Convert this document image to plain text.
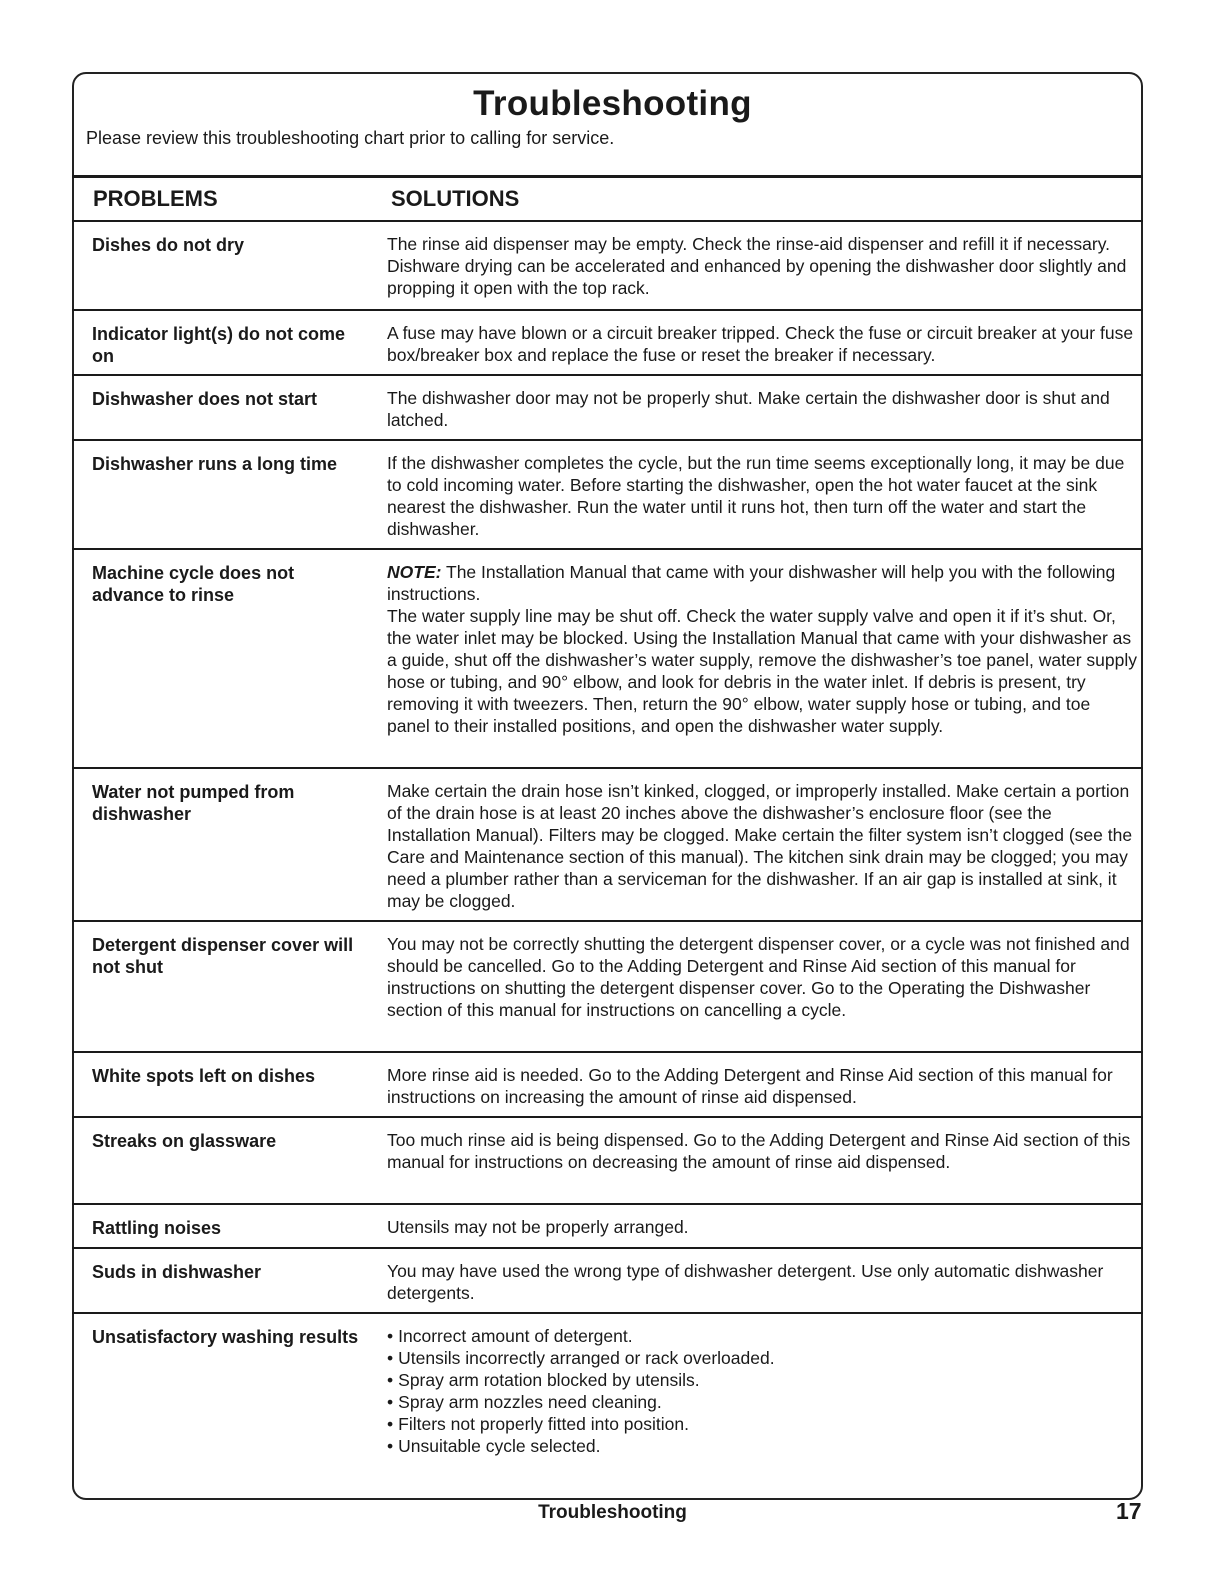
Troubleshooting
Please review this troubleshooting chart prior to calling for service.
PROBLEMS	SOLUTIONS
Dishes do not dry	The rinse aid dispenser may be empty. Check the rinse-aid dispenser and refill it if necessary. Dishware drying can be accelerated and enhanced by opening the dishwasher door slightly and propping it open with the top rack.
Indicator light(s) do not come on
A fuse may have blown or a circuit breaker tripped. Check the fuse or circuit breaker at your fuse box/breaker box and replace the fuse or reset the breaker if necessary.
Dishwasher does not start	The dishwasher door may not be properly shut. Make certain the dishwasher door is shut and latched.
Dishwasher runs a long time	If the dishwasher completes the cycle, but the run time seems exceptionally long, it may be due to cold incoming water. Before starting the dishwasher, open the hot water faucet at the sink nearest the dishwasher. Run the water until it runs hot, then turn off the water and start the dishwasher.
Machine cycle does not advance to rinse
NOTE: The Installation Manual that came with your dishwasher will help you with the following instructions.
The water supply line may be shut off. Check the water supply valve and open it if it’s shut. Or, the water inlet may be blocked. Using the Installation Manual that came with your dishwasher as a guide, shut off the dishwasher’s water supply, remove the dishwasher’s toe panel, water supply hose or tubing, and 90° elbow, and look for debris in the water inlet. If debris is present, try removing it with tweezers. Then, return the 90° elbow, water supply hose or tubing, and toe panel to their installed positions, and open the dishwasher water supply.
Water not pumped from dishwasher
Make certain the drain hose isn’t kinked, clogged, or improperly installed. Make certain a portion of the drain hose is at least 20 inches above the dishwasher’s enclosure floor (see the Installation Manual). Filters may be clogged. Make certain the filter system isn’t clogged (see the Care and Maintenance section of this manual). The kitchen sink drain may be clogged; you may need a plumber rather than a serviceman for the dishwasher. If an air gap is installed at sink, it may be clogged.
Detergent dispenser cover will not shut
You may not be correctly shutting the detergent dispenser cover, or a cycle was not finished and should be cancelled. Go to the Adding Detergent and Rinse Aid section of this manual for instructions on shutting the detergent dispenser cover. Go to the Operating the Dishwasher section of this manual for instructions on cancelling a cycle.
White spots left on dishes	More rinse aid is needed. Go to the Adding Detergent and Rinse Aid section of this manual for instructions on increasing the amount of rinse aid dispensed.
Streaks on glassware	Too much rinse aid is being dispensed. Go to the Adding Detergent and Rinse Aid section of this manual for instructions on decreasing the amount of rinse aid dispensed.
Rattling noises	Utensils may not be properly arranged.
Suds in dishwasher	You may have used the wrong type of dishwasher detergent. Use only automatic dishwasher detergents.
Unsatisfactory washing results
•	Incorrect amount of detergent.
• Utensils incorrectly arranged or rack overloaded.
• Spray arm rotation blocked by utensils.
• Spray arm nozzles need cleaning.
• Filters not properly fitted into position.
• Unsuitable cycle selected.
Troubleshooting	17
